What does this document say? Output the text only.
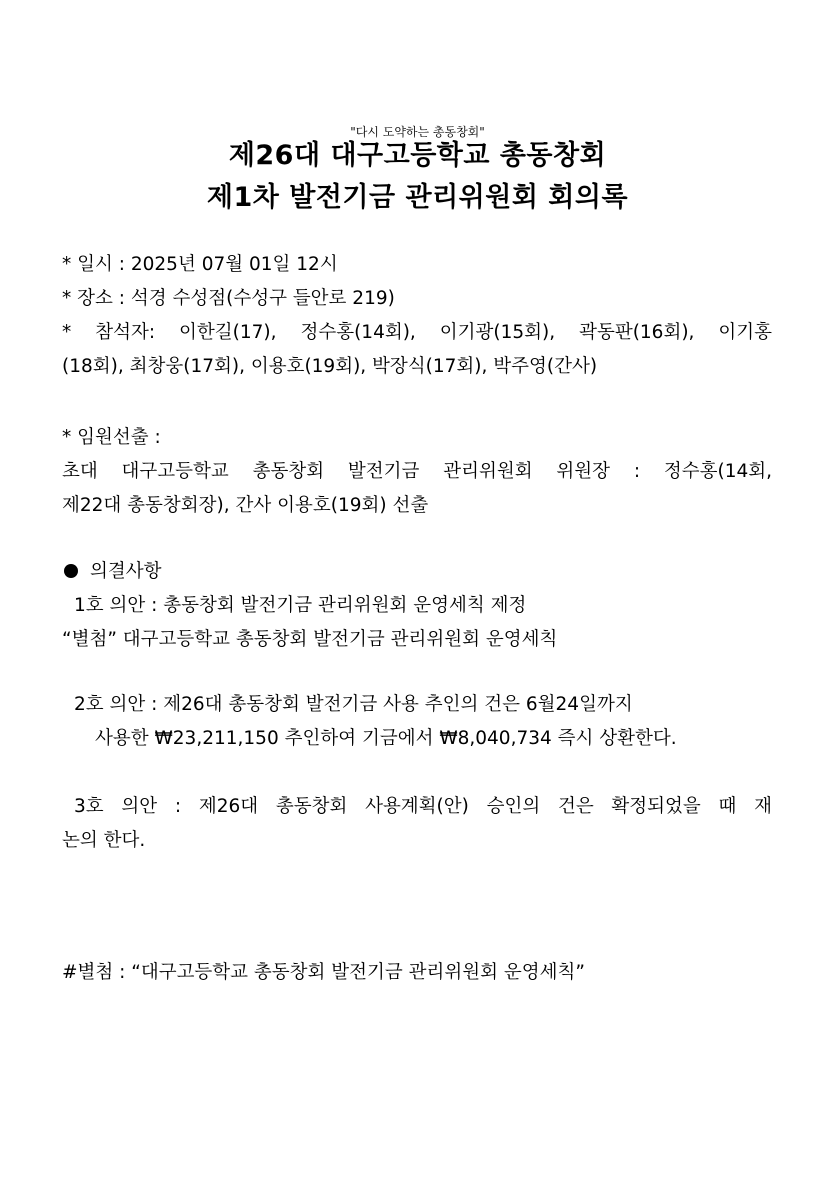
"다시 도약하는 총동창회"
제26대 대구고등학교 총동창회
제1차 발전기금 관리위원회 회의록
* 일시 : 2025년 07월 01일 12시
* 장소 : 석경 수성점(수성구 들안로 219)
* 참석자: 이한길(17), 정수홍(14회), 이기광(15회), 곽동판(16회), 이기홍
(18회), 최창웅(17회), 이용호(19회), 박장식(17회), 박주영(간사)
* 임원선출 :
초대 대구고등학교 총동창회 발전기금 관리위원회 위원장 : 정수홍(14회,
제22대 총동창회장), 간사 이용호(19회) 선출
의결사항
1호 의안 : 총동창회 발전기금 관리위원회 운영세칙 제정
“별첨” 대구고등학교 총동창회 발전기금 관리위원회 운영세칙
2호 의안 : 제26대 총동창회 발전기금 사용 추인의 건은 6월24일까지
사용한 ₩23,211,150 추인하여 기금에서 ₩8,040,734 즉시 상환한다.
3호 의안 : 제26대 총동창회 사용계획(안) 승인의 건은 확정되었을 때 재
논의 한다.
#별첨 : “대구고등학교 총동창회 발전기금 관리위원회 운영세칙”
